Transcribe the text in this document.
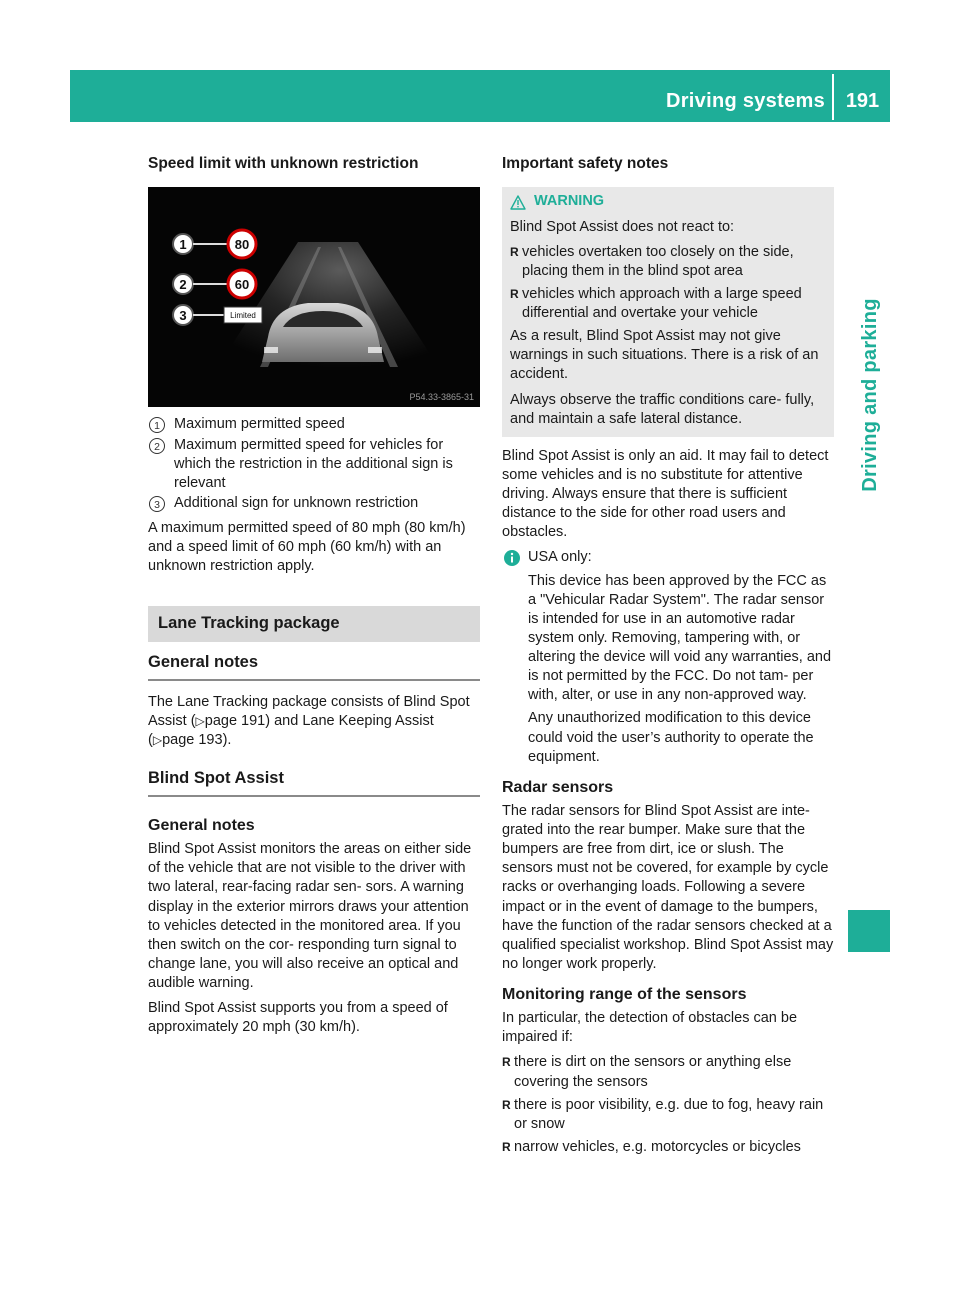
Driving systems 191
Driving and parking
Speed limit with unknown restriction
1	80
2	60
3	Limited
P54.33-3865-31
1 Maximum permitted speed
2 Maximum permitted speed for vehicles for which the restriction in the additional sign is relevant
3 Additional sign for unknown restriction

A maximum permitted speed of 80 mph (80 km/h) and a speed limit of 60 mph (60 km/h) with an unknown restriction apply.

Lane Tracking package
General notes

The Lane Tracking package consists of Blind Spot Assist (▷page 191) and Lane Keeping Assist (▷page 193).

Blind Spot Assist
General notes

Blind Spot Assist monitors the areas on either side of the vehicle that are not visible to the driver with two lateral, rear-facing radar sen- sors. A warning display in the exterior mirrors draws your attention to vehicles detected in the monitored area. If you then switch on the cor- responding turn signal to change lane, you will also receive an optical and audible warning.

Blind Spot Assist supports you from a speed of approximately 20 mph (30 km/h).

Important safety notes
WARNING

Blind Spot Assist does not react to:

R vehicles overtaken too closely on the side, placing them in the blind spot area
R vehicles which approach with a large speed differential and overtake your vehicle

As a result, Blind Spot Assist may not give warnings in such situations. There is a risk of an accident.

Always observe the traffic conditions care- fully, and maintain a safe lateral distance.

Blind Spot Assist is only an aid. It may fail to detect some vehicles and is no substitute for attentive driving. Always ensure that there is sufficient distance to the side for other road users and obstacles.

USA only:

This device has been approved by the FCC as a "Vehicular Radar System". The radar sensor is intended for use in an automotive radar system only. Removing, tampering with, or altering the device will void any warranties, and is not permitted by the FCC. Do not tam- per with, alter, or use in any non-approved way.

Any unauthorized modification to this device could void the user’s authority to operate the equipment.

Radar sensors

The radar sensors for Blind Spot Assist are inte- grated into the rear bumper. Make sure that the bumpers are free from dirt, ice or slush. The sensors must not be covered, for example by cycle racks or overhanging loads. Following a severe impact or in the event of damage to the bumpers, have the function of the radar sensors checked at a qualified specialist workshop. Blind Spot Assist may no longer work properly.

Monitoring range of the sensors

In particular, the detection of obstacles can be impaired if:

R there is dirt on the sensors or anything else covering the sensors
R there is poor visibility, e.g. due to fog, heavy rain or snow
R narrow vehicles, e.g. motorcycles or bicycles
